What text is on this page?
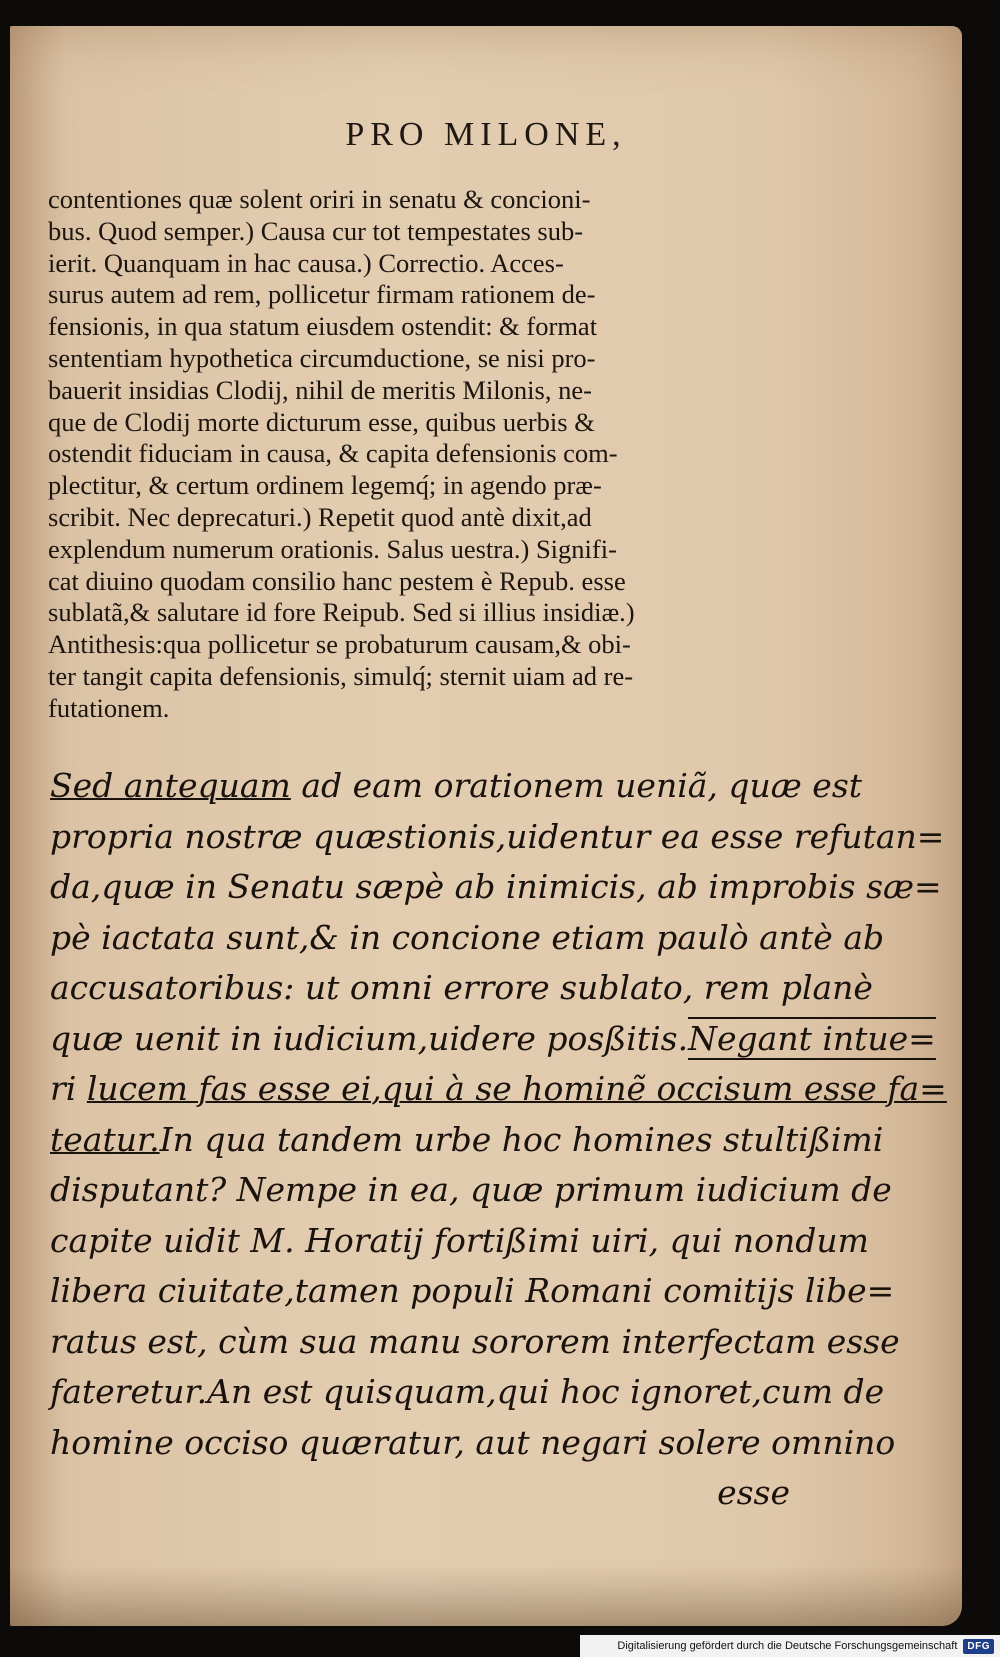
PRO MILONE,
contentiones quæ solent oriri in senatu & concioni-
bus. Quod semper.) Causa cur tot tempestates sub-
ierit. Quanquam in hac causa.) Correctio. Acces-
surus autem ad rem, pollicetur firmam rationem de-
fensionis, in qua statum eiusdem ostendit: & format
sententiam hypothetica circumductione, se nisi pro-
bauerit insidias Clodij, nihil de meritis Milonis, ne-
que de Clodij morte dicturum esse, quibus uerbis &
ostendit fiduciam in causa, & capita defensionis com-
plectitur, & certum ordinem legemq́; in agendo præ-
scribit. Nec deprecaturi.) Repetit quod antè dixit,ad
explendum numerum orationis. Salus uestra.) Signifi-
cat diuino quodam consilio hanc pestem è Repub. esse
sublatã,& salutare id fore Reipub. Sed si illius insidiæ.)
Antithesis:qua pollicetur se probaturum causam,& obi-
ter tangit capita defensionis, simulq́; sternit uiam ad re-
futationem.
Sed antequam ad eam orationem ueniã, quæ est
propria nostræ quæstionis,uidentur ea esse refutan=
da,quæ in Senatu sæpè ab inimicis, ab improbis sæ=
pè iactata sunt,& in concione etiam paulò antè ab
accusatoribus: ut omni errore sublato, rem planè
quæ uenit in iudicium,uidere posßitis.Negant intue=
ri lucem fas esse ei,qui à se hominẽ occisum esse fa=
teatur.In qua tandem urbe hoc homines stultißimi
disputant? Nempe in ea, quæ primum iudicium de
capite uidit M. Horatij fortißimi uiri, qui nondum
libera ciuitate,tamen populi Romani comitijs libe=
ratus est, cùm sua manu sororem interfectam esse
fateretur.An est quisquam,qui hoc ignoret,cum de
homine occiso quæratur, aut negari solere omnino
esse
Digitalisierung gefördert durch die Deutsche Forschungsgemeinschaft	DFG
